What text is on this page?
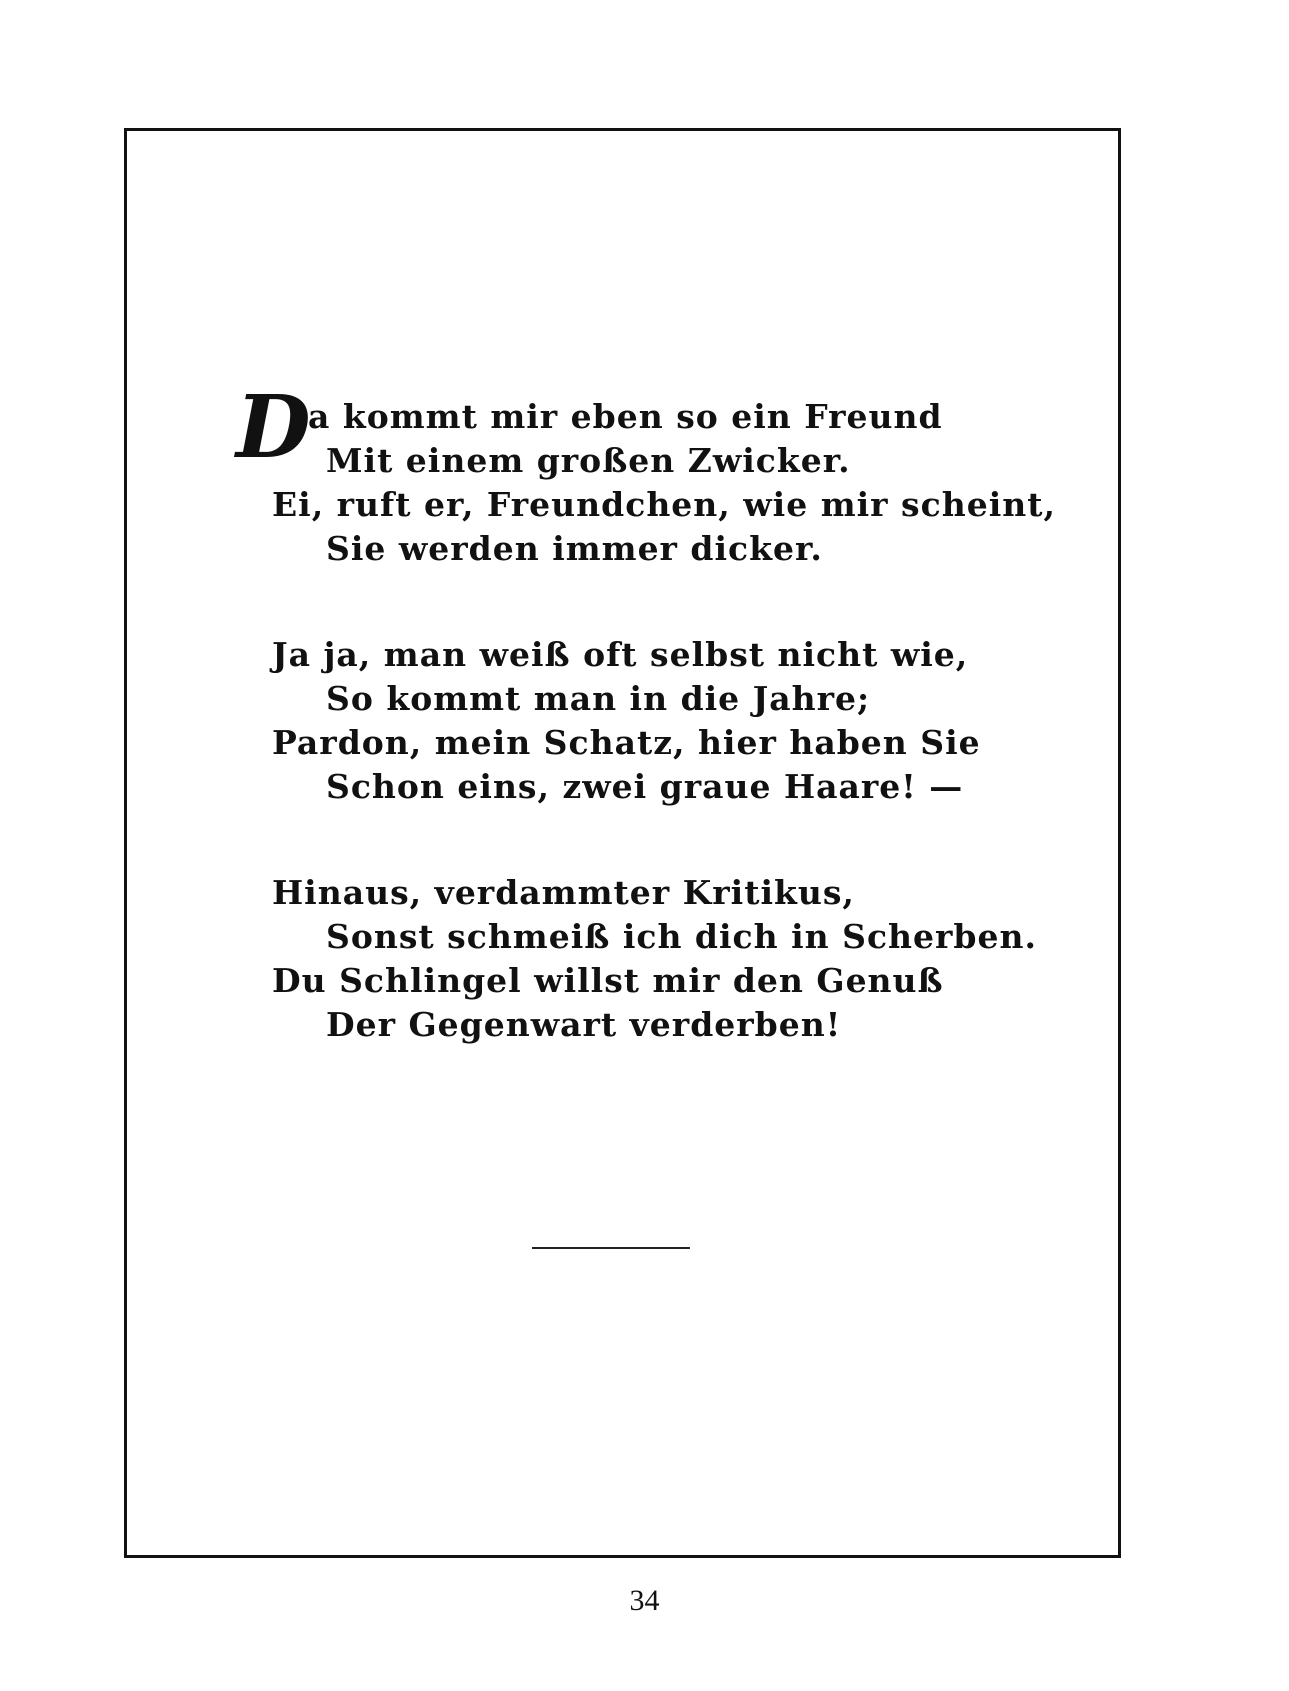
D
a kommt mir eben so ein Freund
Mit einem großen Zwicker.
Ei, ruft er, Freundchen, wie mir scheint,
Sie werden immer dicker.
Ja ja, man weiß oft selbst nicht wie,
So kommt man in die Jahre;
Pardon, mein Schatz, hier haben Sie
Schon eins, zwei graue Haare! —
Hinaus, verdammter Kritikus,
Sonst schmeiß ich dich in Scherben.
Du Schlingel willst mir den Genuß
Der Gegenwart verderben!
34
